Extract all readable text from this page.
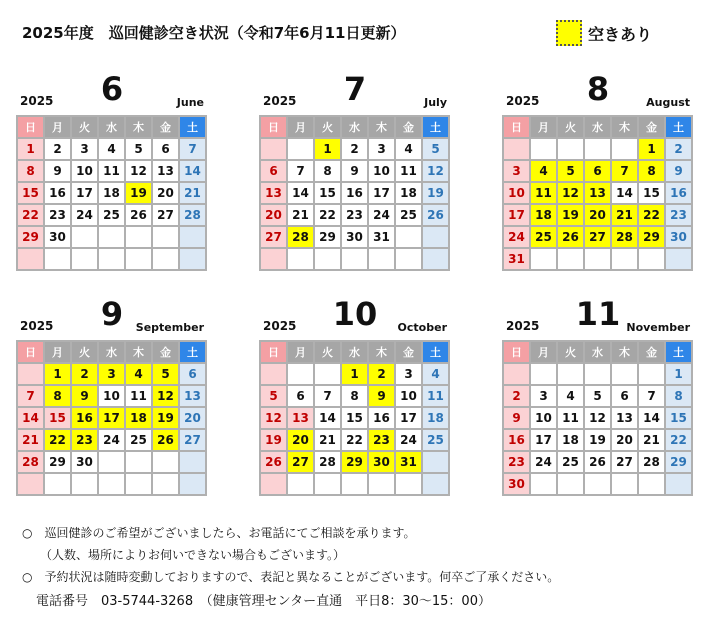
2025年度　巡回健診空き状況（令和7年6月11日更新）	空きあり
2025	6	June
日	月	火	水	木	金	土
1	2	3	4	5	6	7
8	9	10	11	12	13	14
15	16	17	18	19	20	21
22	23	24	25	26	27	28
29	30					

2025	7	July
日	月	火	水	木	金	土
		1	2	3	4	5
6	7	8	9	10	11	12
13	14	15	16	17	18	19
20	21	22	23	24	25	26
27	28	29	30	31		

2025	8	August
日	月	火	水	木	金	土
					1	2
3	4	5	6	7	8	9
10	11	12	13	14	15	16
17	18	19	20	21	22	23
24	25	26	27	28	29	30
31						
2025	9	September
日	月	火	水	木	金	土
	1	2	3	4	5	6
7	8	9	10	11	12	13
14	15	16	17	18	19	20
21	22	23	24	25	26	27
28	29	30				

2025	10	October
日	月	火	水	木	金	土
			1	2	3	4
5	6	7	8	9	10	11
12	13	14	15	16	17	18
19	20	21	22	23	24	25
26	27	28	29	30	31	

2025	11 November
日	月	火	水	木	金	土
						1
2	3	4	5	6	7	8
9	10	11	12	13	14	15
16	17	18	19	20	21	22
23	24	25	26	27	28	29
30						
○　巡回健診のご希望がございましたら、お電話にてご相談を承ります。
　　（人数、場所によりお伺いできない場合もございます。）
○　予約状況は随時変動しておりますので、表記と異なることがございます。何卒ご了承ください。
電話番号　03-5744-3268　（健康管理センター直通　平日8：30～15：00）
